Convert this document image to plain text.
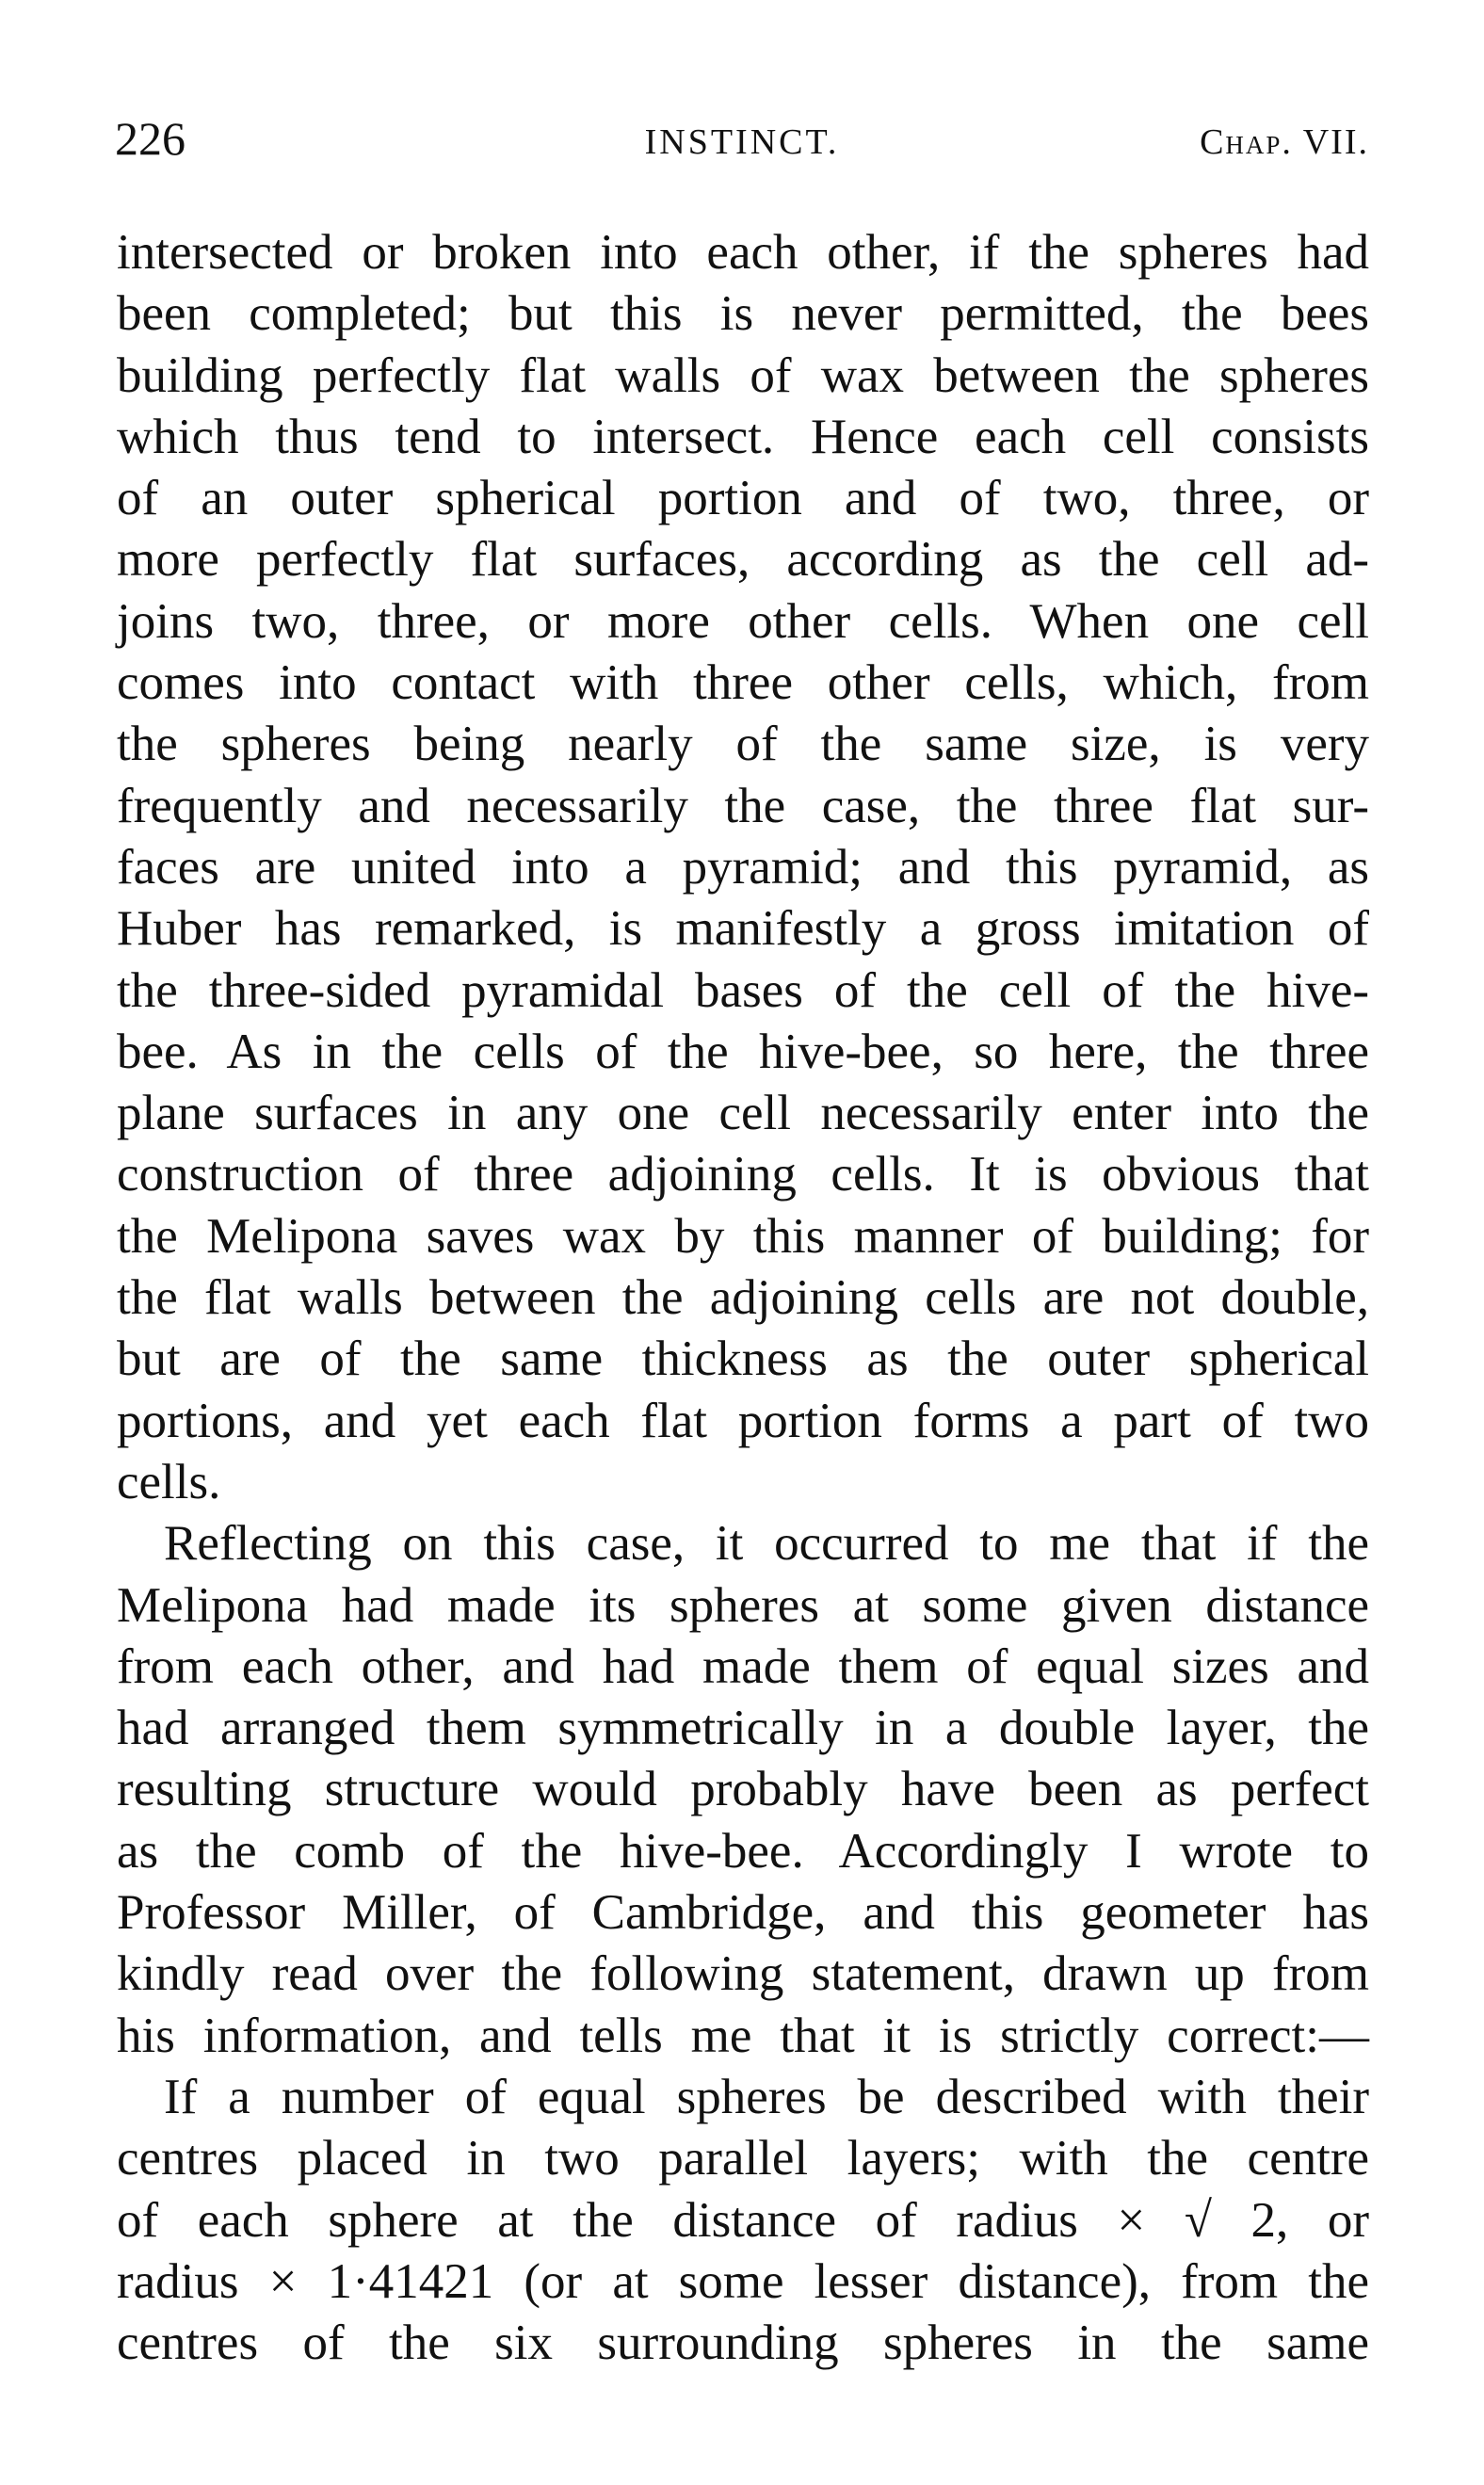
226	INSTINCT.	Chap. VII.
intersected or broken into each other, if the spheres had
been completed; but this is never permitted, the bees
building perfectly flat walls of wax between the spheres
which thus tend to intersect. Hence each cell consists
of an outer spherical portion and of two, three, or
more perfectly flat surfaces, according as the cell ad-
joins two, three, or more other cells. When one cell
comes into contact with three other cells, which, from
the spheres being nearly of the same size, is very
frequently and necessarily the case, the three flat sur-
faces are united into a pyramid; and this pyramid, as
Huber has remarked, is manifestly a gross imitation of
the three-sided pyramidal bases of the cell of the hive-
bee. As in the cells of the hive-bee, so here, the three
plane surfaces in any one cell necessarily enter into the
construction of three adjoining cells. It is obvious that
the Melipona saves wax by this manner of building; for
the flat walls between the adjoining cells are not double,
but are of the same thickness as the outer spherical
portions, and yet each flat portion forms a part of two
cells.
Reflecting on this case, it occurred to me that if the
Melipona had made its spheres at some given distance
from each other, and had made them of equal sizes and
had arranged them symmetrically in a double layer, the
resulting structure would probably have been as perfect
as the comb of the hive-bee. Accordingly I wrote to
Professor Miller, of Cambridge, and this geometer has
kindly read over the following statement, drawn up from
his information, and tells me that it is strictly correct:—
If a number of equal spheres be described with their
centres placed in two parallel layers; with the centre
of each sphere at the distance of radius × √ 2, or
radius × 1·41421 (or at some lesser distance), from the
centres of the six surrounding spheres in the same
